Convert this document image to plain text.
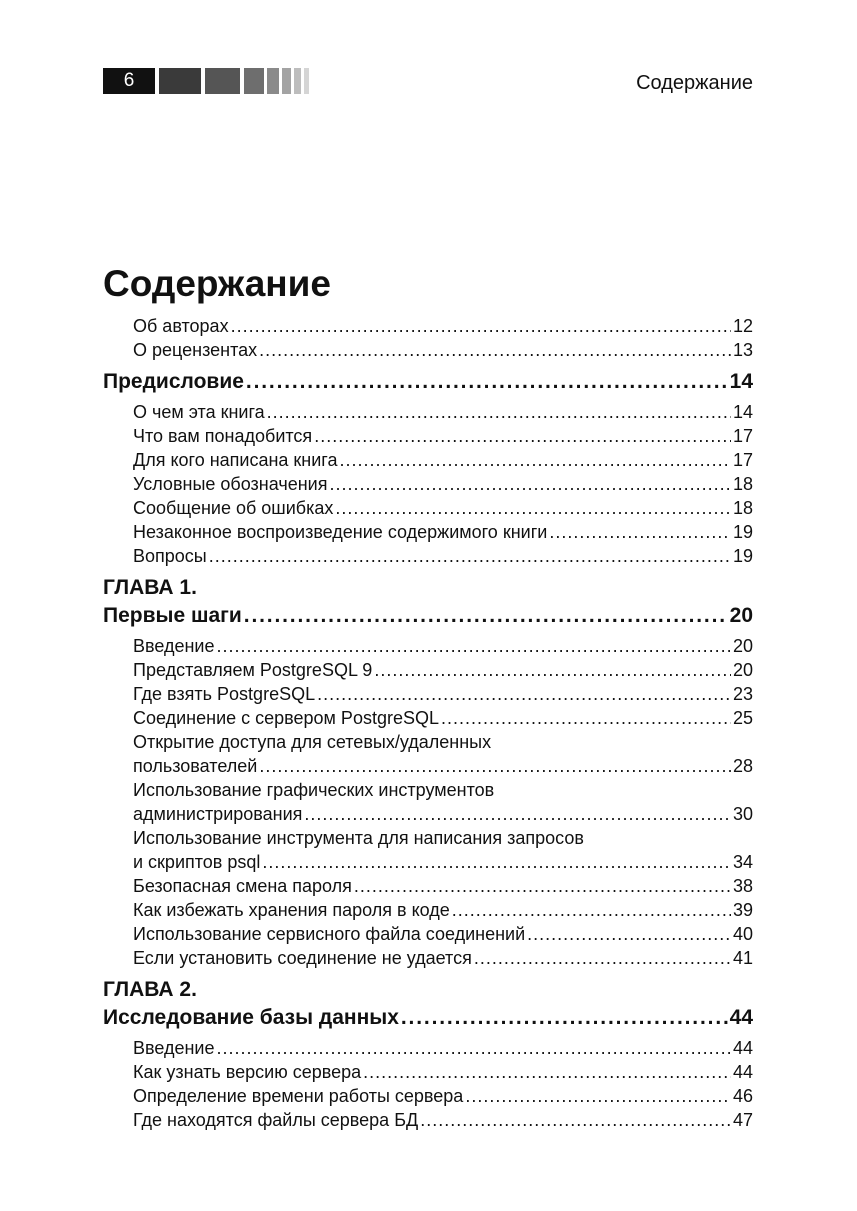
6	Содержание
Содержание
Об авторах . . .	12
О рецензентах . . .	13
Предисловие . . .	14
О чем эта книга . . .	14
Что вам понадобится . . .	17
Для кого написана книга . . .	17
Условные обозначения . . .	18
Сообщение об ошибках . . .	18
Незаконное воспроизведение содержимого книги . . .	19
Вопросы . . .	19
ГЛАВА 1.
Первые шаги . . .	20
Введение . . .	20
Представляем PostgreSQL 9 . . .	20
Где взять PostgreSQL . . .	23
Соединение с сервером PostgreSQL . . .	25
Открытие доступа для сетевых/удаленных
пользователей . . .	28
Использование графических инструментов
администрирования . . .	30
Использование инструмента для написания запросов
и скриптов psql . . .	34
Безопасная смена пароля . . .	38
Как избежать хранения пароля в коде . . .	39
Использование сервисного файла соединений . . .	40
Если установить соединение не удается . . .	41
ГЛАВА 2.
Исследование базы данных . . .	44
Введение . . .	44
Как узнать версию сервера . . .	44
Определение времени работы сервера . . .	46
Где находятся файлы сервера БД . . .	47
